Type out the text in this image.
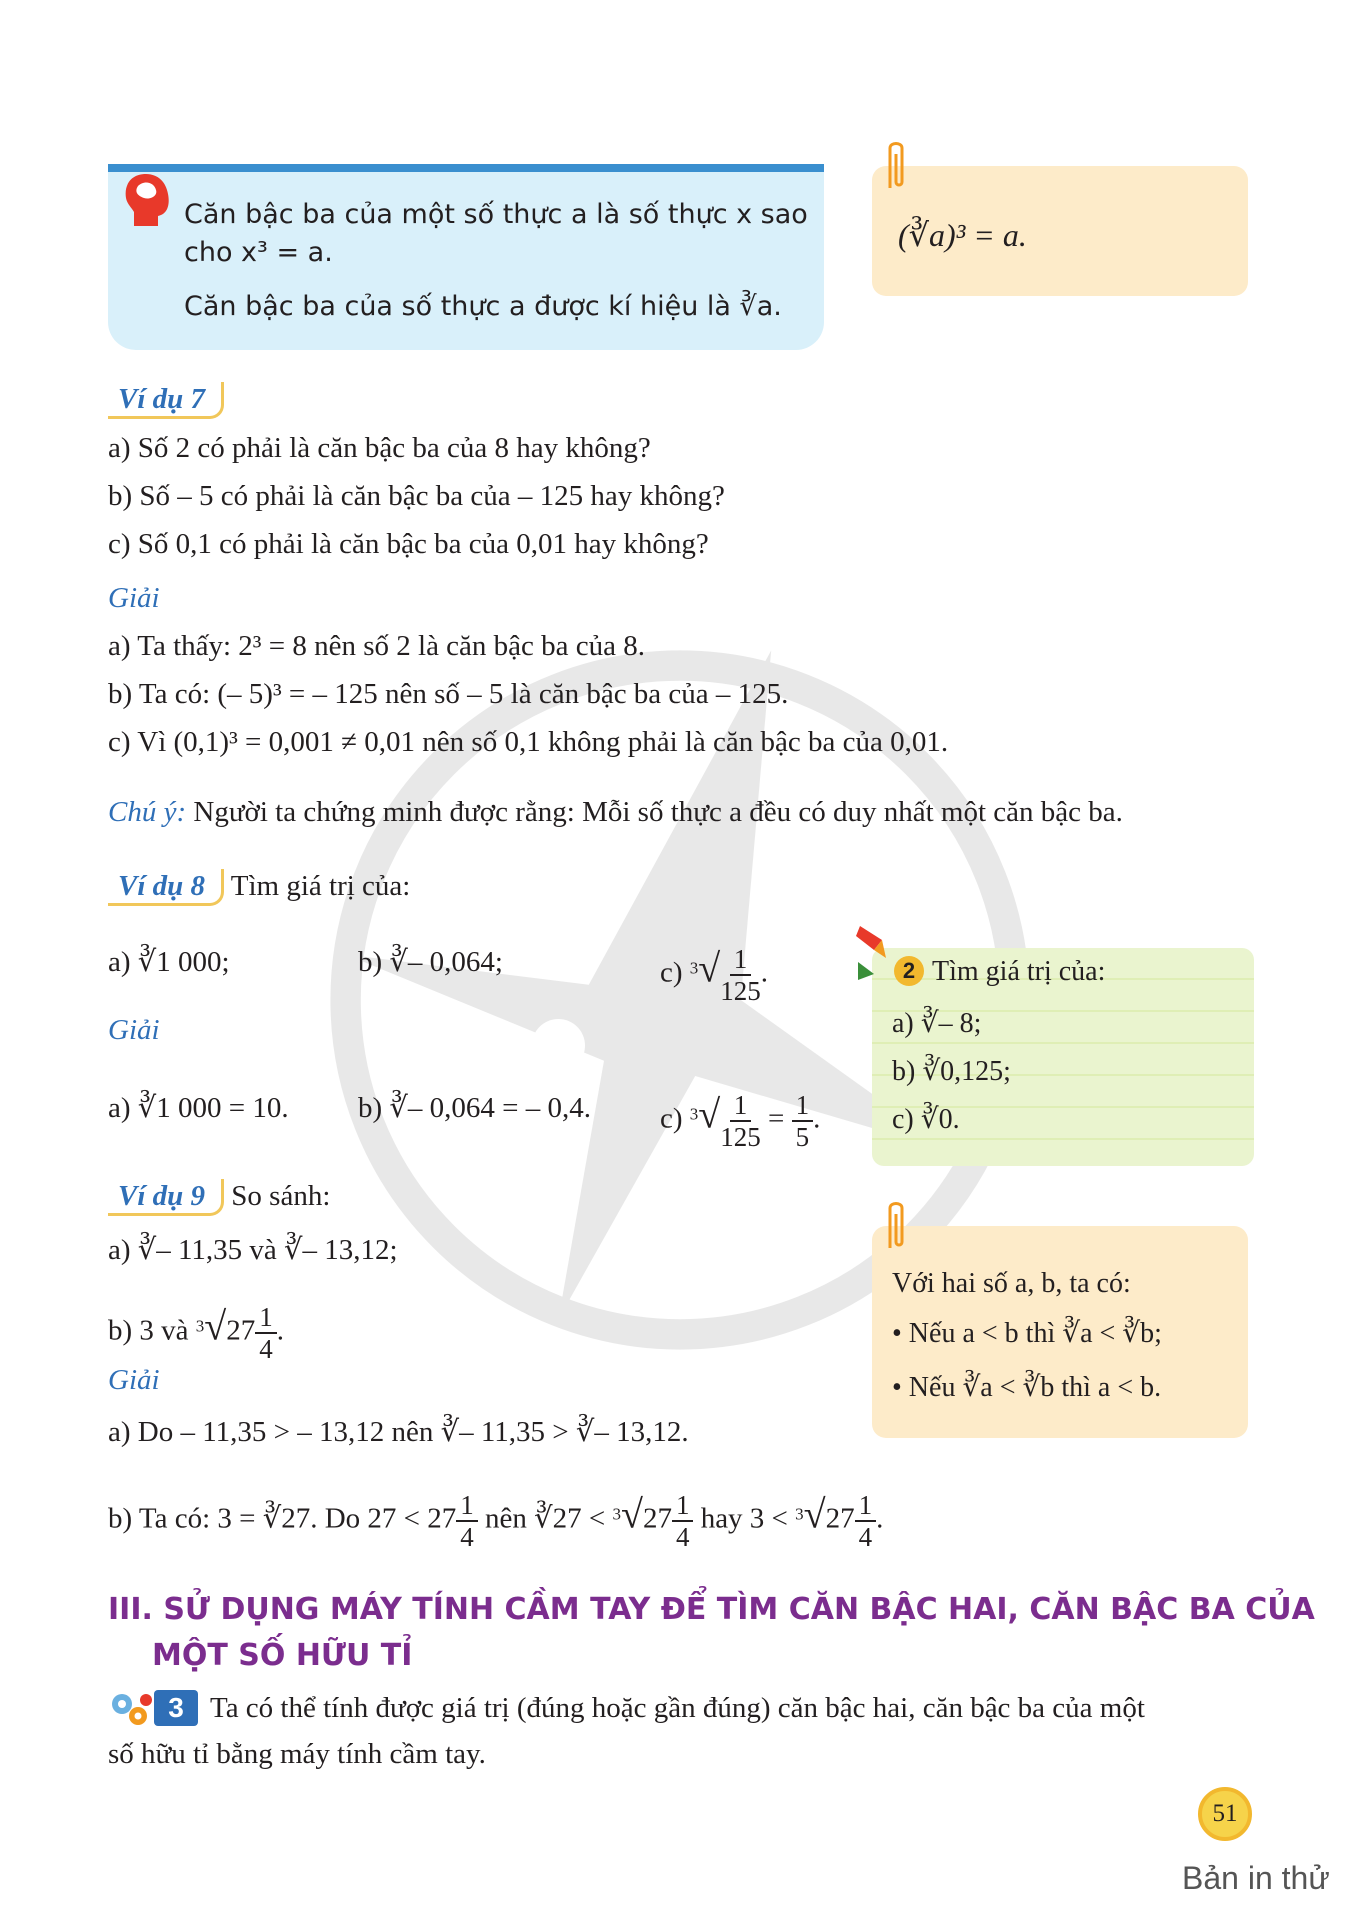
Căn bậc ba của một số thực a là số thực x sao
cho x³ = a.
Căn bậc ba của số thực a được kí hiệu là ∛a.
(∛a)³ = a.
Ví dụ 7
a) Số 2 có phải là căn bậc ba của 8 hay không?
b) Số – 5 có phải là căn bậc ba của – 125 hay không?
c) Số 0,1 có phải là căn bậc ba của 0,01 hay không?
Giải
a) Ta thấy: 2³ = 8 nên số 2 là căn bậc ba của 8.
b) Ta có: (– 5)³ = – 125 nên số – 5 là căn bậc ba của – 125.
c) Vì (0,1)³ = 0,001 ≠ 0,01 nên số 0,1 không phải là căn bậc ba của 0,01.
Chú ý: Người ta chứng minh được rằng: Mỗi số thực a đều có duy nhất một căn bậc ba.
Ví dụ 8 Tìm giá trị của:
a) ∛1 000;	b) ∛– 0,064;	c) $^3√ \frac{1}{125}$ .
Giải
a) ∛1 000 = 10. b) ∛– 0,064 = – 0,4. c) $^3√ \frac{1}{125} = \frac{1}{5}$ .
2 Tìm giá trị của:
a) ∛– 8;
b) ∛0,125;
c) ∛0.
Ví dụ 9 So sánh:
a) ∛– 11,35 và ∛– 13,12;
b) 3 và $^3√27 \frac{1}{4}$ .
Giải
a) Do – 11,35 > – 13,12 nên ∛– 11,35 > ∛– 13,12.
b) Ta có: 3 = ∛27. Do $27 < 27 \frac{1}{4}$ nên ∛27 < $^3√27 \frac{1}{4}$ hay $3 < ^3√27 \frac{1}{4}$ .
Với hai số a, b, ta có:
• Nếu a < b thì ∛a < ∛b;
• Nếu ∛a < ∛b thì a < b.
III. SỬ DỤNG MÁY TÍNH CẦM TAY ĐỂ TÌM CĂN BẬC HAI, CĂN BẬC BA CỦA
MỘT SỐ HỮU TỈ
3 Ta có thể tính được giá trị (đúng hoặc gần đúng) căn bậc hai, căn bậc ba của một
số hữu tỉ bằng máy tính cầm tay.
51
Bản in thử
